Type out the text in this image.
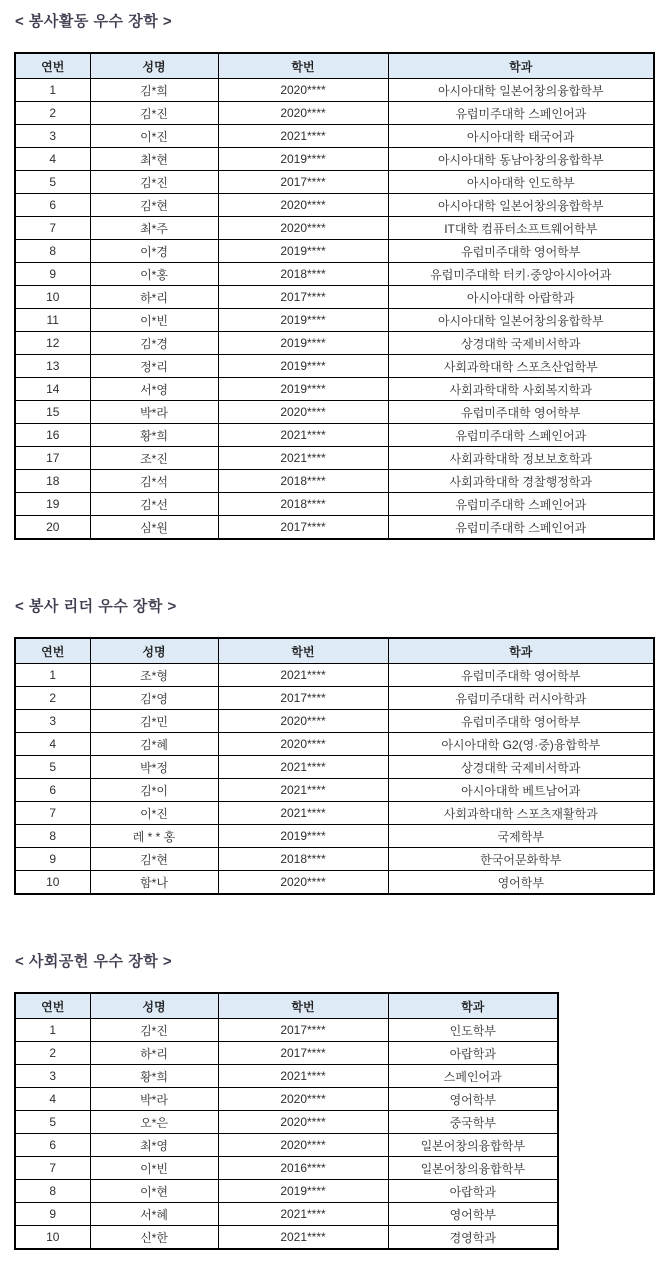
< 봉사활동 우수 장학 >
연번	성명	학번	학과
1	김*희	2020****	아시아대학 일본어창의융합학부
2	김*진	2020****	유럽미주대학 스페인어과
3	이*진	2021****	아시아대학 태국어과
4	최*현	2019****	아시아대학 동남아창의융합학부
5	김*진	2017****	아시아대학 인도학부
6	김*현	2020****	아시아대학 일본어창의융합학부
7	최*주	2020****	IT대학 컴퓨터소프트웨어학부
8	이*경	2019****	유럽미주대학 영어학부
9	이*홍	2018****	유럽미주대학 터키·중앙아시아어과
10	하*리	2017****	아시아대학 아랍학과
11	이*빈	2019****	아시아대학 일본어창의융합학부
12	김*경	2019****	상경대학 국제비서학과
13	정*리	2019****	사회과학대학 스포츠산업학부
14	서*영	2019****	사회과학대학 사회복지학과
15	박*라	2020****	유럽미주대학 영어학부
16	황*희	2021****	유럽미주대학 스페인어과
17	조*진	2021****	사회과학대학 정보보호학과
18	김*석	2018****	사회과학대학 경찰행정학과
19	김*선	2018****	유럽미주대학 스페인어과
20	심*원	2017****	유럽미주대학 스페인어과
< 봉사 리더 우수 장학 >
연번	성명	학번	학과
1	조*형	2021****	유럽미주대학 영어학부
2	김*영	2017****	유럽미주대학 러시아학과
3	김*민	2020****	유럽미주대학 영어학부
4	김*혜	2020****	아시아대학 G2(영·중)융합학부
5	박*정	2021****	상경대학 국제비서학과
6	김*이	2021****	아시아대학 베트남어과
7	이*진	2021****	사회과학대학 스포츠재활학과
8	레 * * 홍	2019****	국제학부
9	김*현	2018****	한국어문화학부
10	함*나	2020****	영어학부
< 사회공헌 우수 장학 >
연번	성명	학번	학과
1	김*진	2017****	인도학부
2	하*리	2017****	아랍학과
3	황*희	2021****	스페인어과
4	박*라	2020****	영어학부
5	오*은	2020****	중국학부
6	최*영	2020****	일본어창의융합학부
7	이*빈	2016****	일본어창의융합학부
8	이*현	2019****	아랍학과
9	서*혜	2021****	영어학부
10	신*한	2021****	경영학과
